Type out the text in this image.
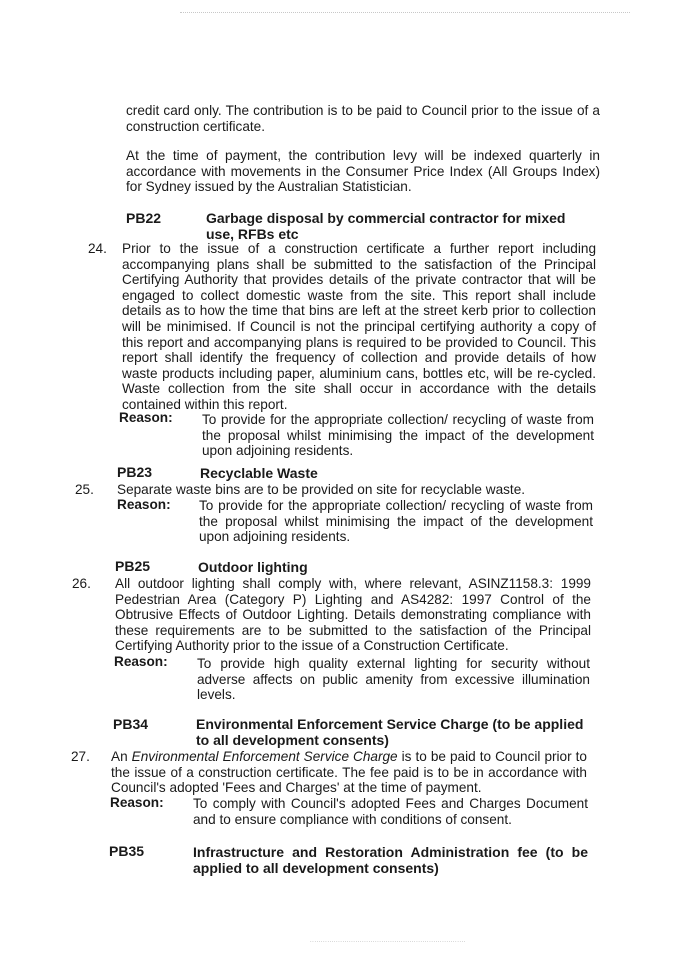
credit card only. The contribution is to be paid to Council prior to the issue of a construction certificate.
At the time of payment, the contribution levy will be indexed quarterly in accordance with movements in the Consumer Price Index (All Groups Index) for Sydney issued by the Australian Statistician.
PB22	Garbage disposal by commercial contractor for mixed use, RFBs etc
24. Prior to the issue of a construction certificate a further report including accompanying plans shall be submitted to the satisfaction of the Principal Certifying Authority that provides details of the private contractor that will be engaged to collect domestic waste from the site. This report shall include details as to how the time that bins are left at the street kerb prior to collection will be minimised. If Council is not the principal certifying authority a copy of this report and accompanying plans is required to be provided to Council. This report shall identify the frequency of collection and provide details of how waste products including paper, aluminium cans, bottles etc, will be re-cycled. Waste collection from the site shall occur in accordance with the details contained within this report.
Reason: To provide for the appropriate collection/ recycling of waste from the proposal whilst minimising the impact of the development upon adjoining residents.
PB23	Recyclable Waste
25. Separate waste bins are to be provided on site for recyclable waste.
Reason: To provide for the appropriate collection/ recycling of waste from the proposal whilst minimising the impact of the development upon adjoining residents.
PB25	Outdoor lighting
26. All outdoor lighting shall comply with, where relevant, ASINZ1158.3: 1999 Pedestrian Area (Category P) Lighting and AS4282: 1997 Control of the Obtrusive Effects of Outdoor Lighting. Details demonstrating compliance with these requirements are to be submitted to the satisfaction of the Principal Certifying Authority prior to the issue of a Construction Certificate.
Reason: To provide high quality external lighting for security without adverse affects on public amenity from excessive illumination levels.
PB34	Environmental Enforcement Service Charge (to be applied to all development consents)
27. An Environmental Enforcement Service Charge is to be paid to Council prior to the issue of a construction certificate. The fee paid is to be in accordance with Council's adopted 'Fees and Charges' at the time of payment.
Reason: To comply with Council's adopted Fees and Charges Document and to ensure compliance with conditions of consent.
PB35	Infrastructure and Restoration Administration fee (to be applied to all development consents)
········································································
